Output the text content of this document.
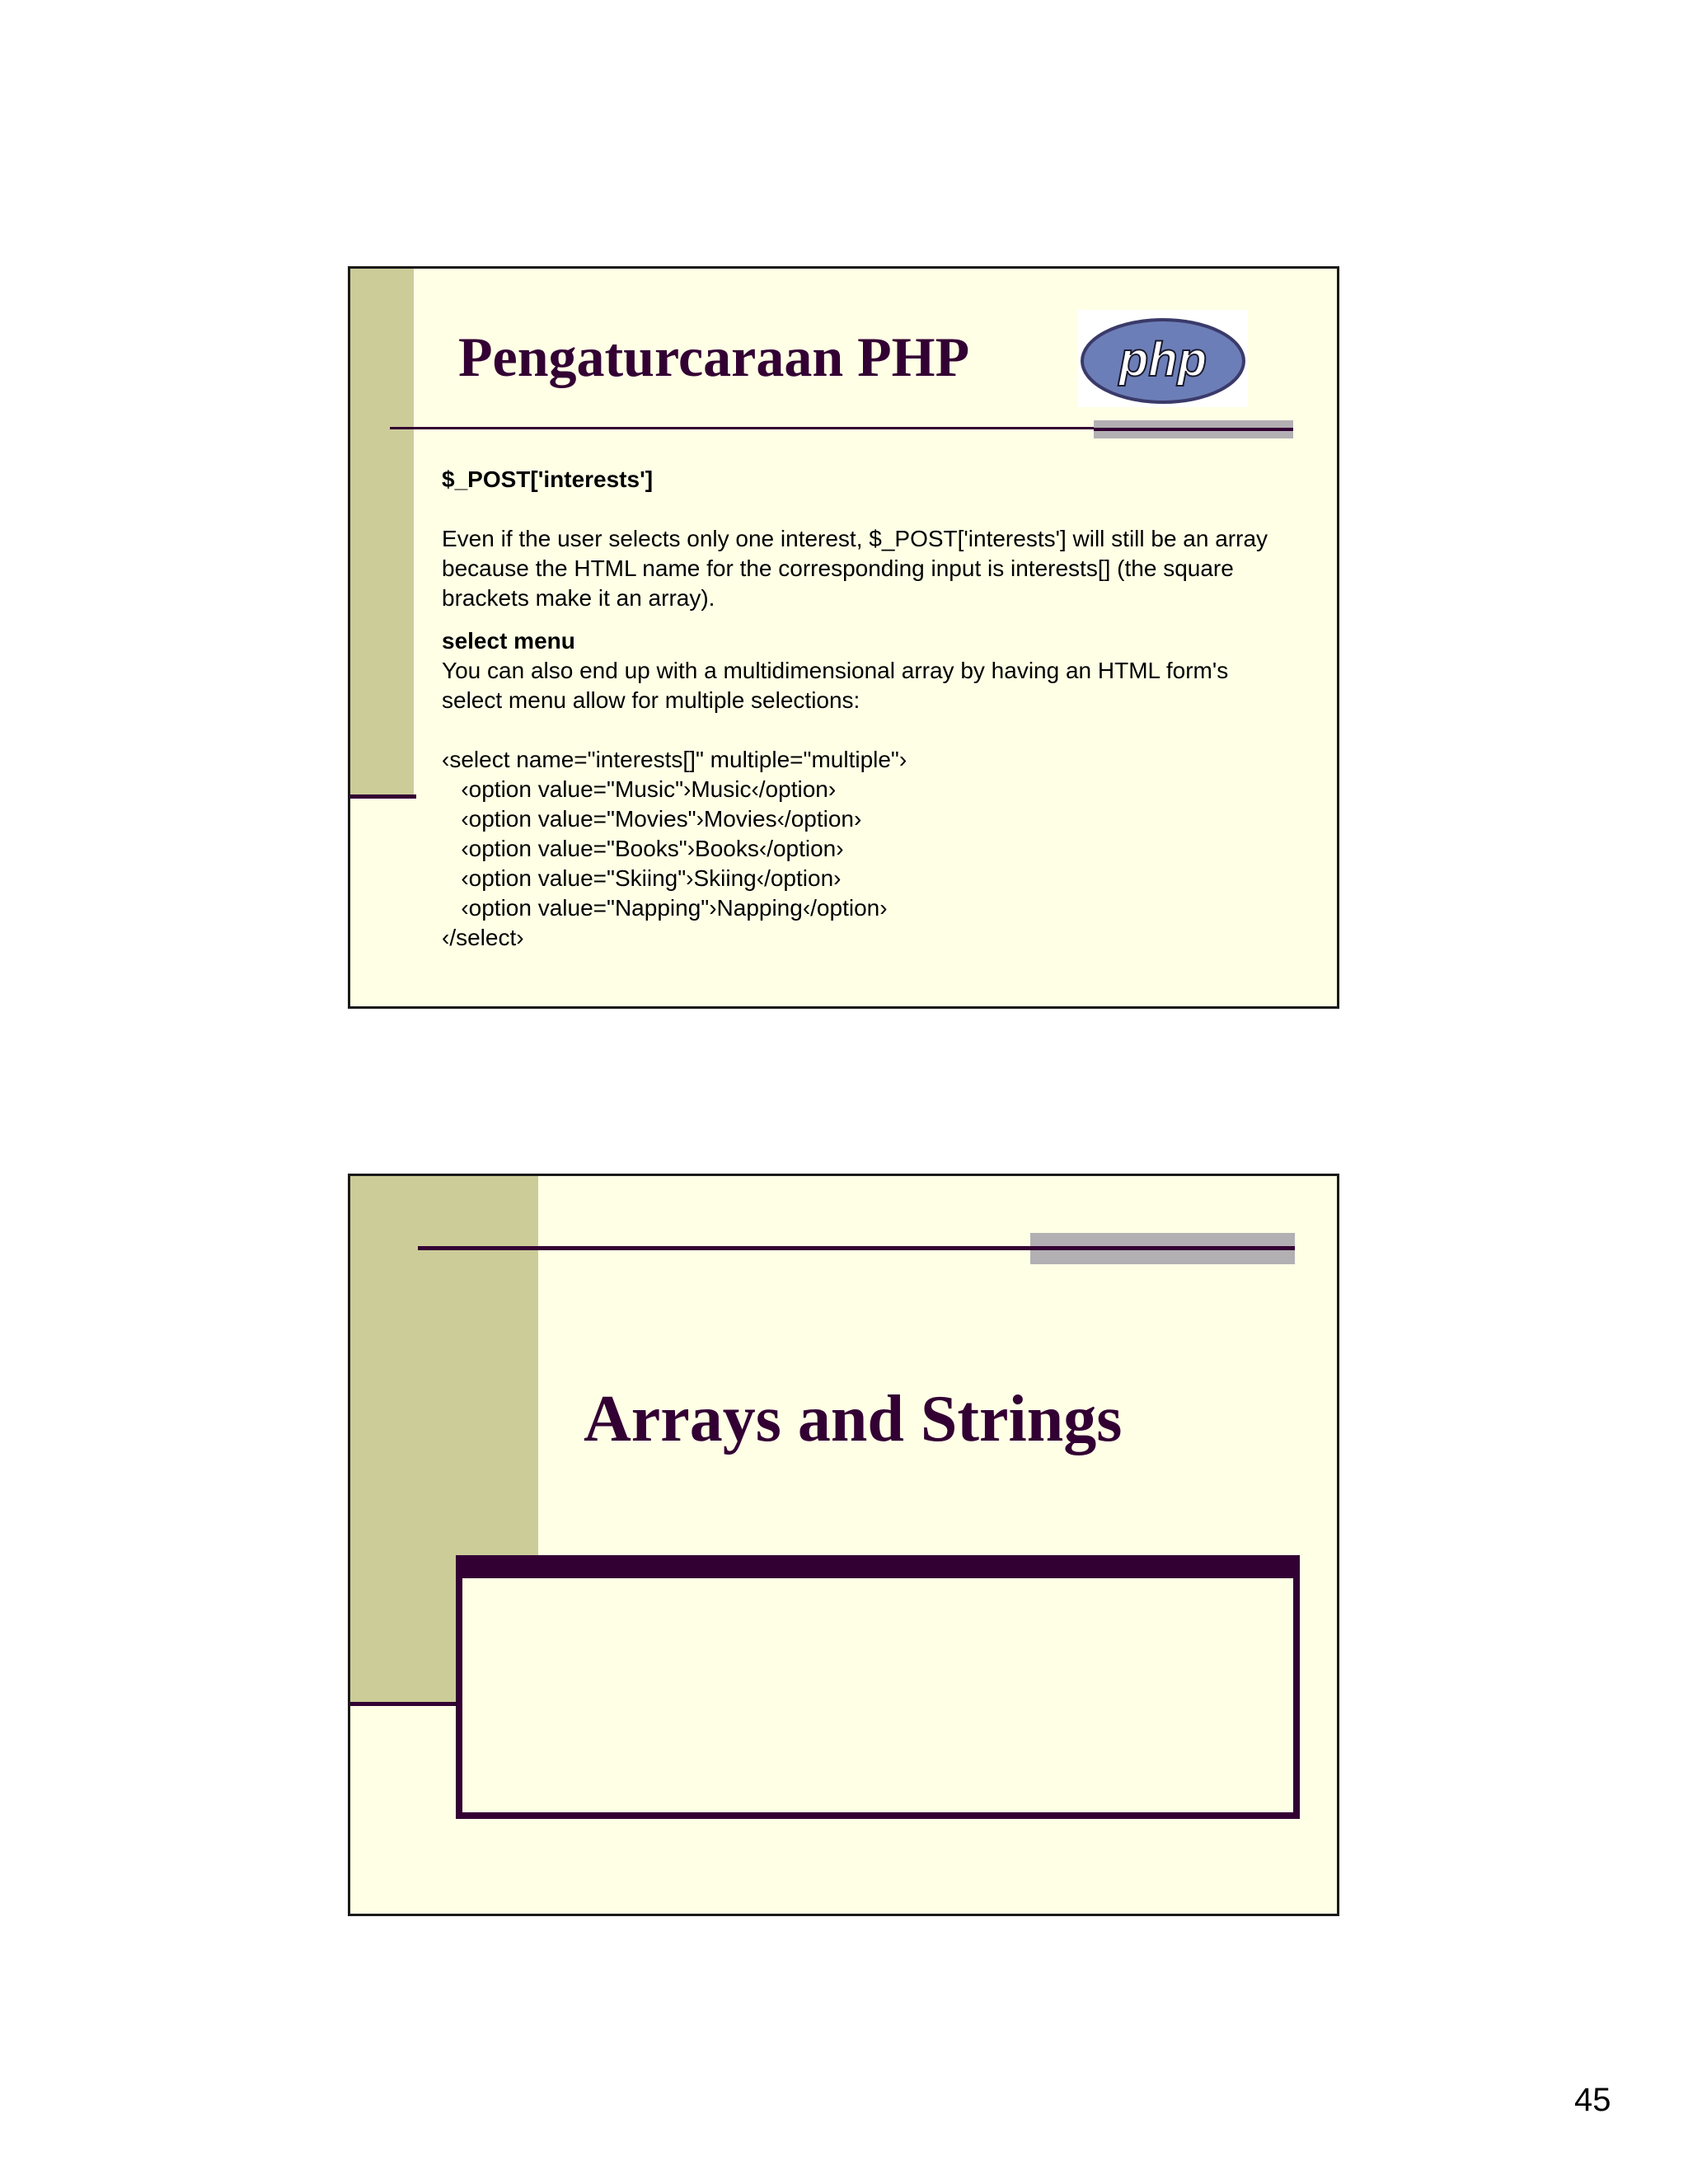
Pengaturcaraan PHP	php

$_POST['interests']

Even if the user selects only one interest, $_POST['interests'] will still be an array because the HTML name for the corresponding input is interests[] (the square brackets make it an array).

select menu

You can also end up with a multidimensional array by having an HTML form's select menu allow for multiple selections:

‹select name="interests[]" multiple="multiple"›
‹option value="Music"›Music‹/option›
‹option value="Movies"›Movies‹/option›
‹option value="Books"›Books‹/option›
‹option value="Skiing"›Skiing‹/option›
‹option value="Napping"›Napping‹/option›
‹/select›
Arrays and Strings
45
